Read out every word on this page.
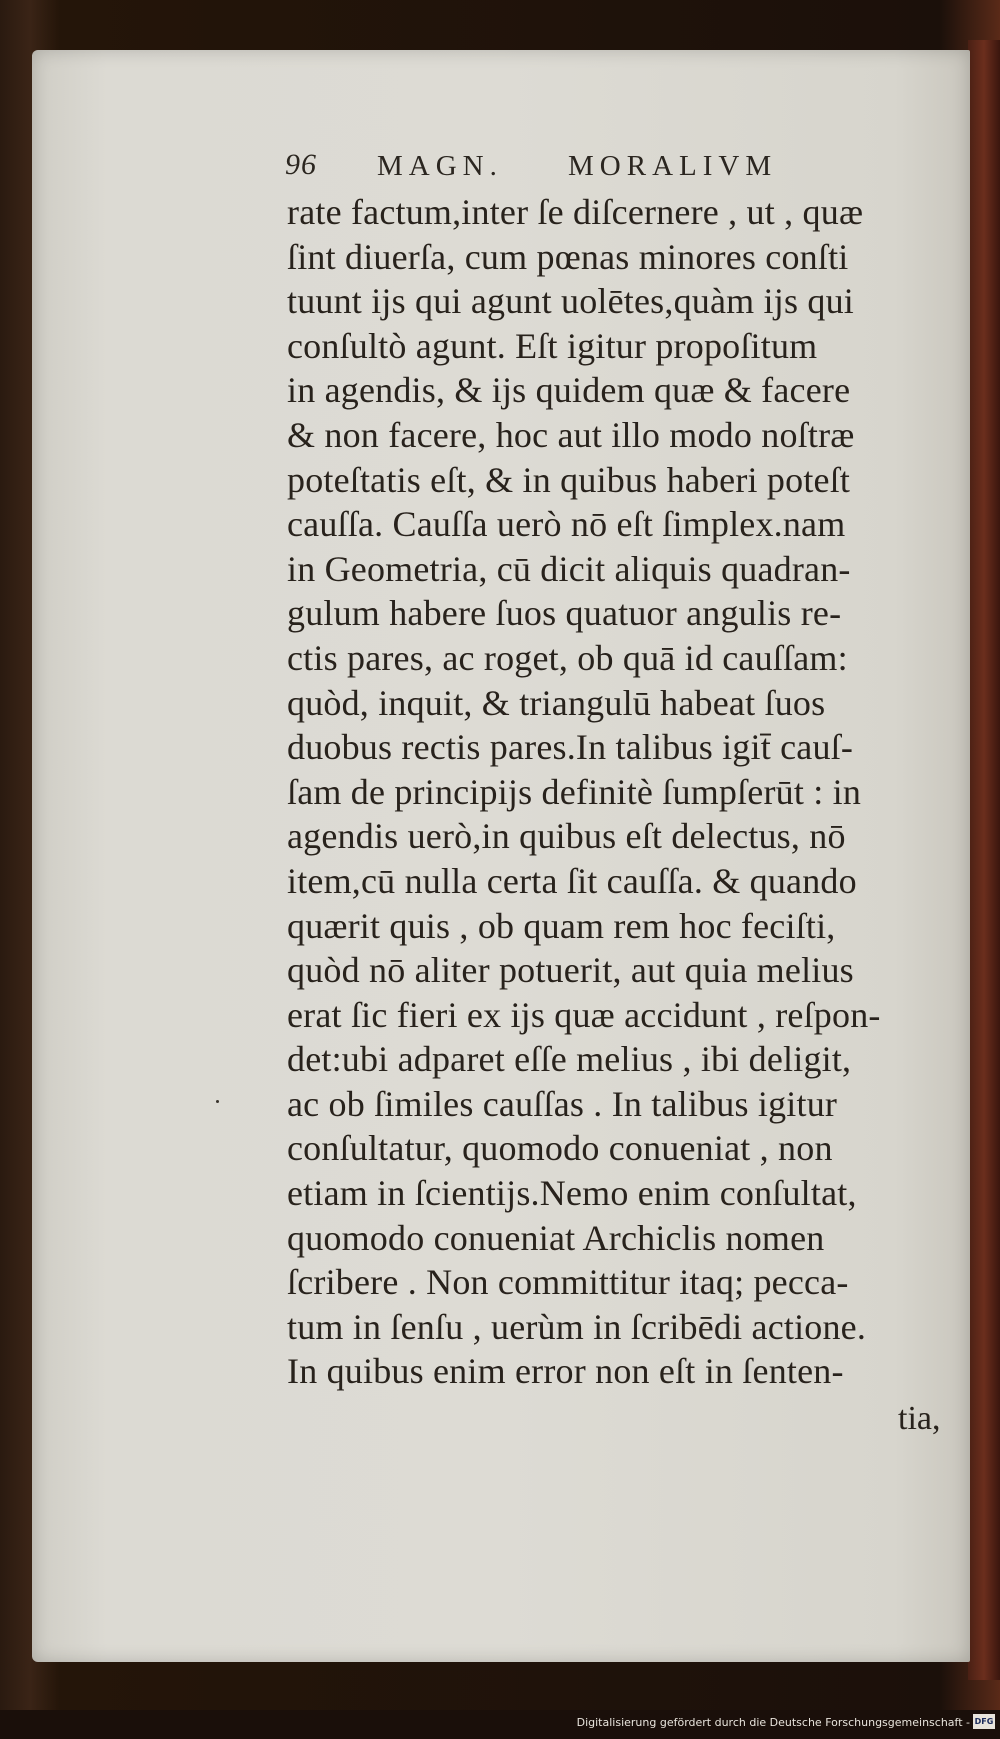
96 MAGN. MORALIVM
rate factum,inter ſe diſcernere , ut , quæ
ſint diuerſa, cum pœnas minores conſti
tuunt ijs qui agunt uolētes,quàm ijs qui
conſultò agunt. Eſt igitur propoſitum
in agendis, & ijs quidem quæ & facere
& non facere, hoc aut illo modo noſtræ
poteſtatis eſt, & in quibus haberi poteſt
cauſſa. Cauſſa uerò nō eſt ſimplex.nam
in Geometria, cū dicit aliquis quadran-
gulum habere ſuos quatuor angulis re-
ctis pares, ac roget, ob quā id cauſſam:
quòd, inquit, & triangulū habeat ſuos
duobus rectis pares.In talibus igit̄ cauſ-
ſam de principijs definitè ſumpſerūt : in
agendis uerò,in quibus eſt delectus, nō
item,cū nulla certa ſit cauſſa. & quando
quærit quis , ob quam rem hoc feciſti,
quòd nō aliter potuerit, aut quia melius
erat ſic fieri ex ijs quæ accidunt , reſpon-
det:ubi adparet eſſe melius , ibi deligit,
ac ob ſimiles cauſſas . In talibus igitur
conſultatur, quomodo conueniat , non
etiam in ſcientijs.Nemo enim conſultat,
quomodo conueniat Archiclis nomen
ſcribere . Non committitur itaq; pecca-
tum in ſenſu , uerùm in ſcribēdi actione.
In quibus enim error non eſt in ſenten-
tia,
Digitalisierung gefördert durch die Deutsche Forschungsgemeinschaft - DFG
